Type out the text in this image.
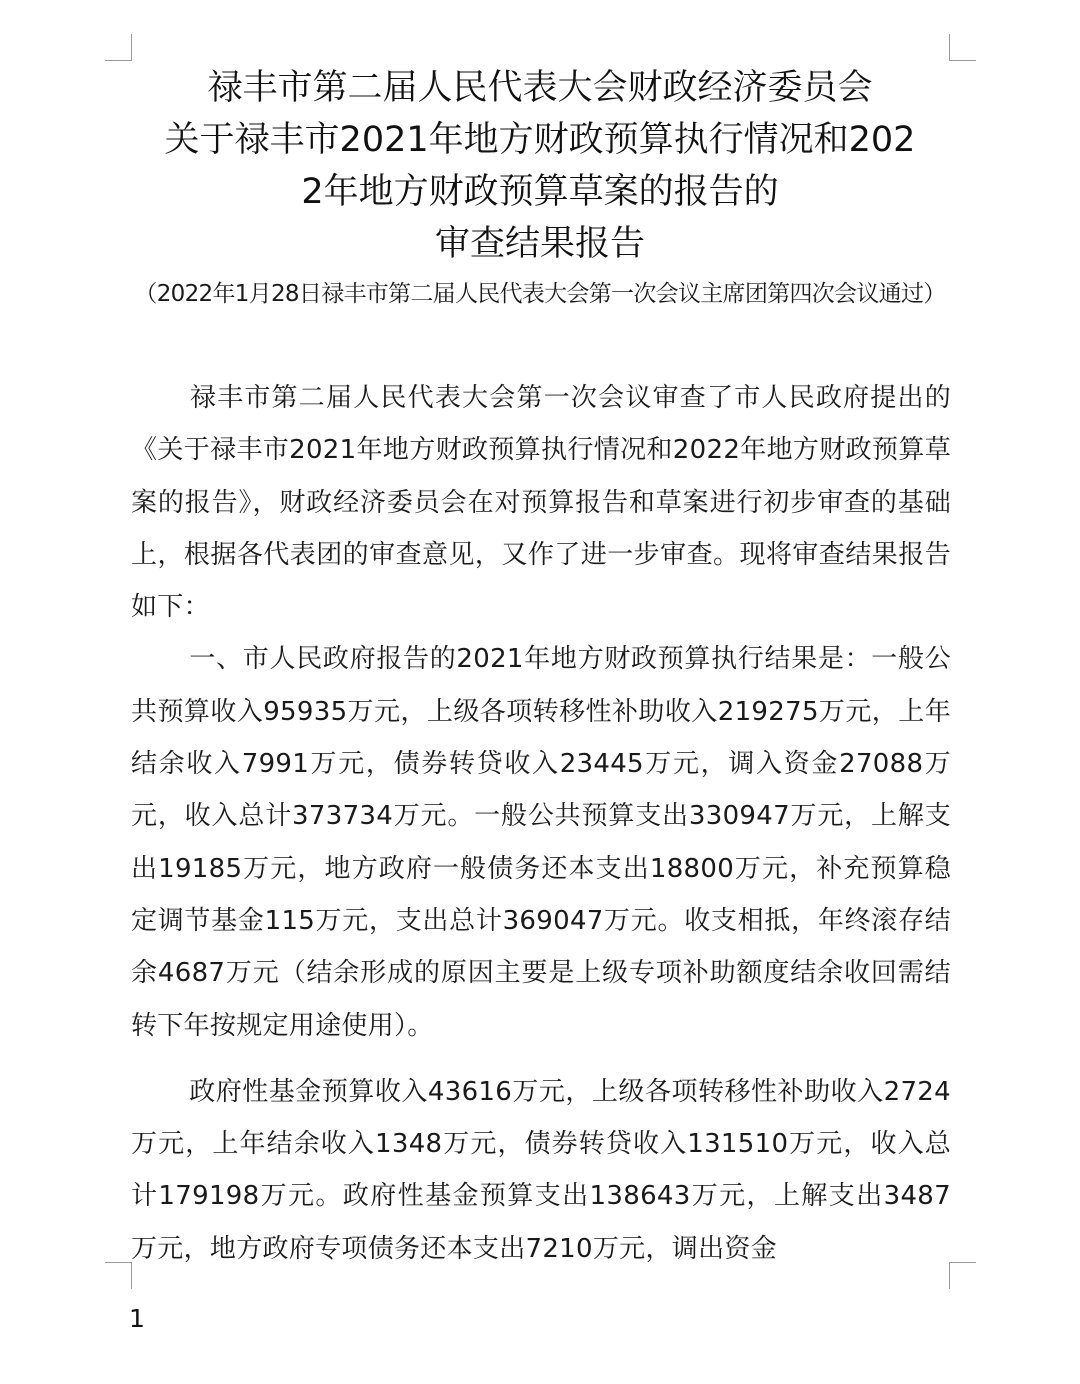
禄丰市第二届人民代表大会财政经济委员会

关于禄丰市2021年地方财政预算执行情况和202

2年地方财政预算草案的报告的

审查结果报告

（2022年1月28日禄丰市第二届人民代表大会第一次会议主席团第四次会议通过）

禄丰市第二届人民代表大会第一次会议审查了市人民政府提出的《关于禄丰市2021年地方财政预算执行情况和2022年地方财政预算草案的报告》，财政经济委员会在对预算报告和草案进行初步审查的基础上，根据各代表团的审查意见，又作了进一步审查。现将审查结果报告如下：

一、市人民政府报告的2021年地方财政预算执行结果是：一般公共预算收入95935万元，上级各项转移性补助收入219275万元，上年结余收入7991万元，债券转贷收入23445万元，调入资金27088万元，收入总计373734万元。一般公共预算支出330947万元，上解支出19185万元，地方政府一般债务还本支出18800万元，补充预算稳定调节基金115万元，支出总计369047万元。收支相抵，年终滚存结余4687万元（结余形成的原因主要是上级专项补助额度结余收回需结转下年按规定用途使用）。

政府性基金预算收入43616万元，上级各项转移性补助收入2724万元，上年结余收入1348万元，债券转贷收入131510万元，收入总计179198万元。政府性基金预算支出138643万元，上解支出3487万元，地方政府专项债务还本支出7210万元，调出资金

1
